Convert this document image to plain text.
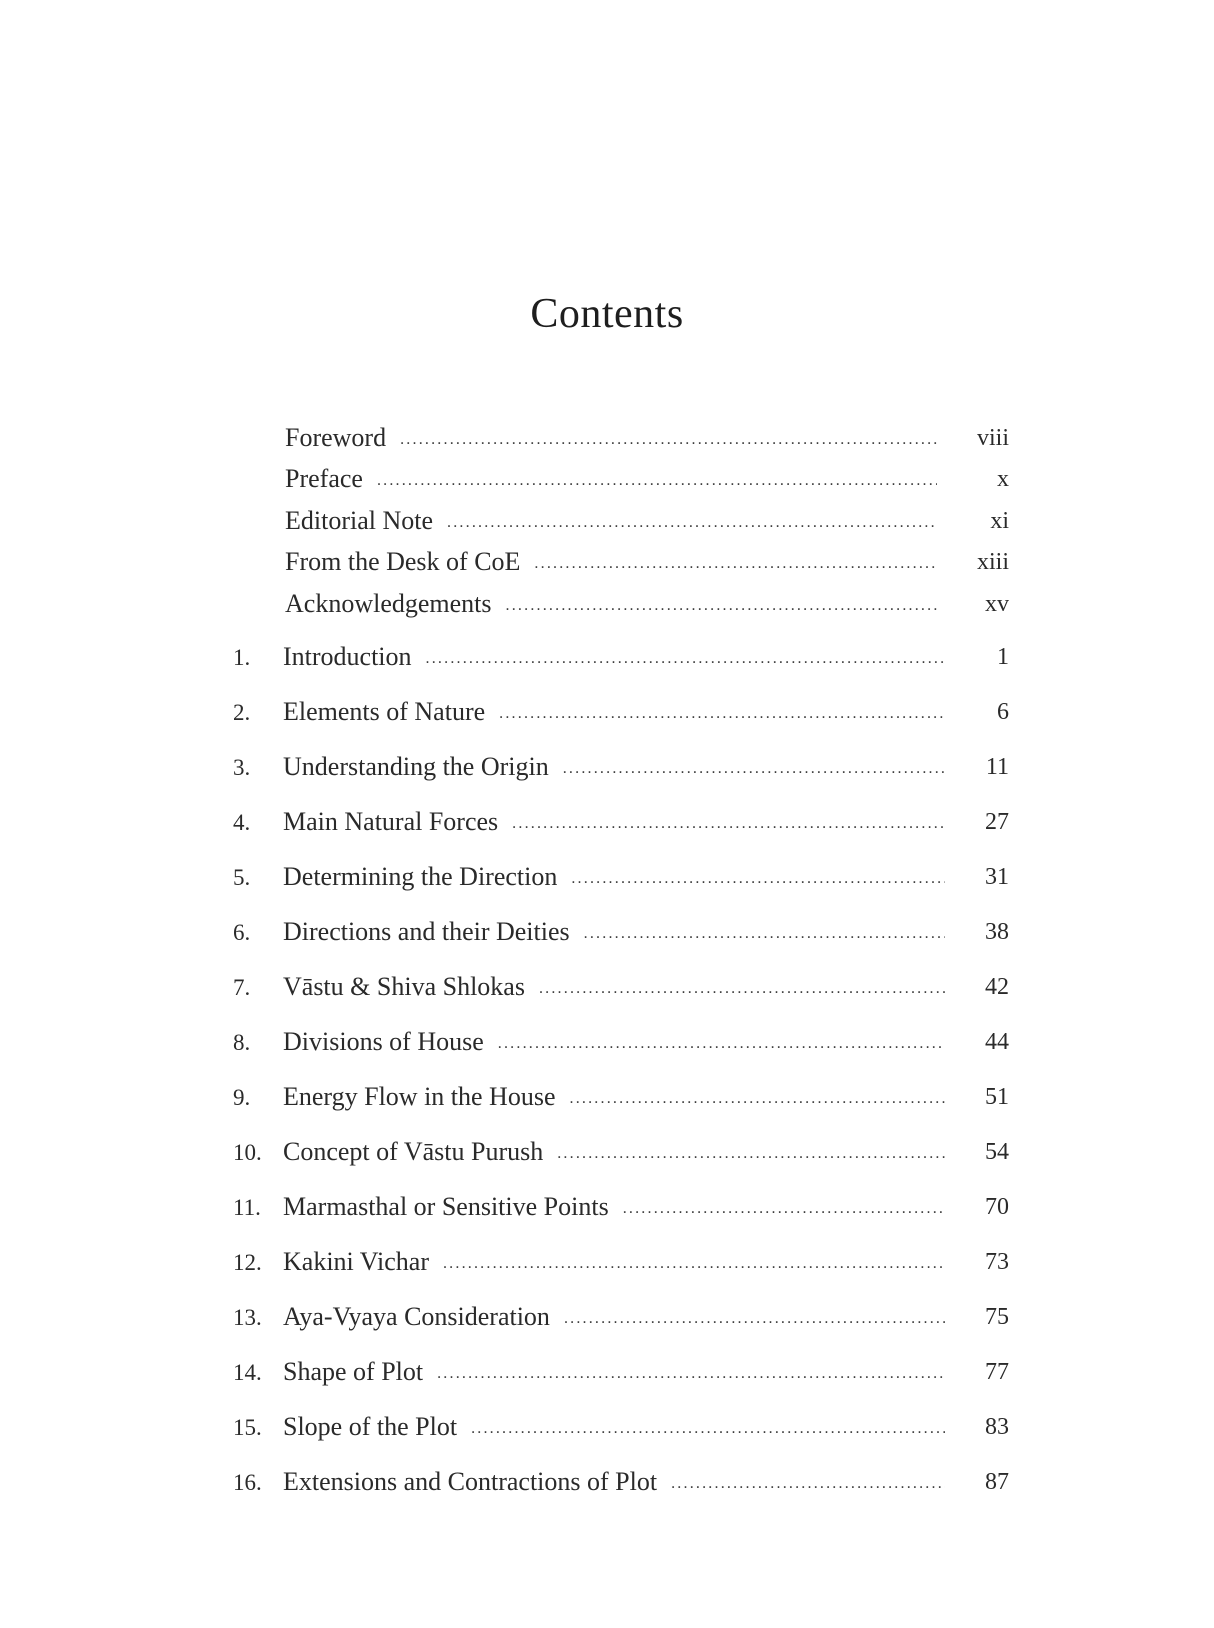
Contents
Foreword .....	viii
Preface .....	x
Editorial Note .....	xi
From the Desk of CoE .....	xiii
Acknowledgements .....	xv
1.	Introduction .....	1
2.	Elements of Nature .....	6
3.	Understanding the Origin .....	11
4.	Main Natural Forces .....	27
5.	Determining the Direction .....	31
6.	Directions and their Deities .....	38
7.	Vāstu & Shiva Shlokas .....	42
8.	Divisions of House .....	44
9.	Energy Flow in the House .....	51
10. Concept of Vāstu Purush .....	54
11. Marmasthal or Sensitive Points .....	70
12. Kakini Vichar .....	73
13. Aya-Vyaya Consideration .....	75
14. Shape of Plot .....	77
15. Slope of the Plot .....	83
16. Extensions and Contractions of Plot .....	87
